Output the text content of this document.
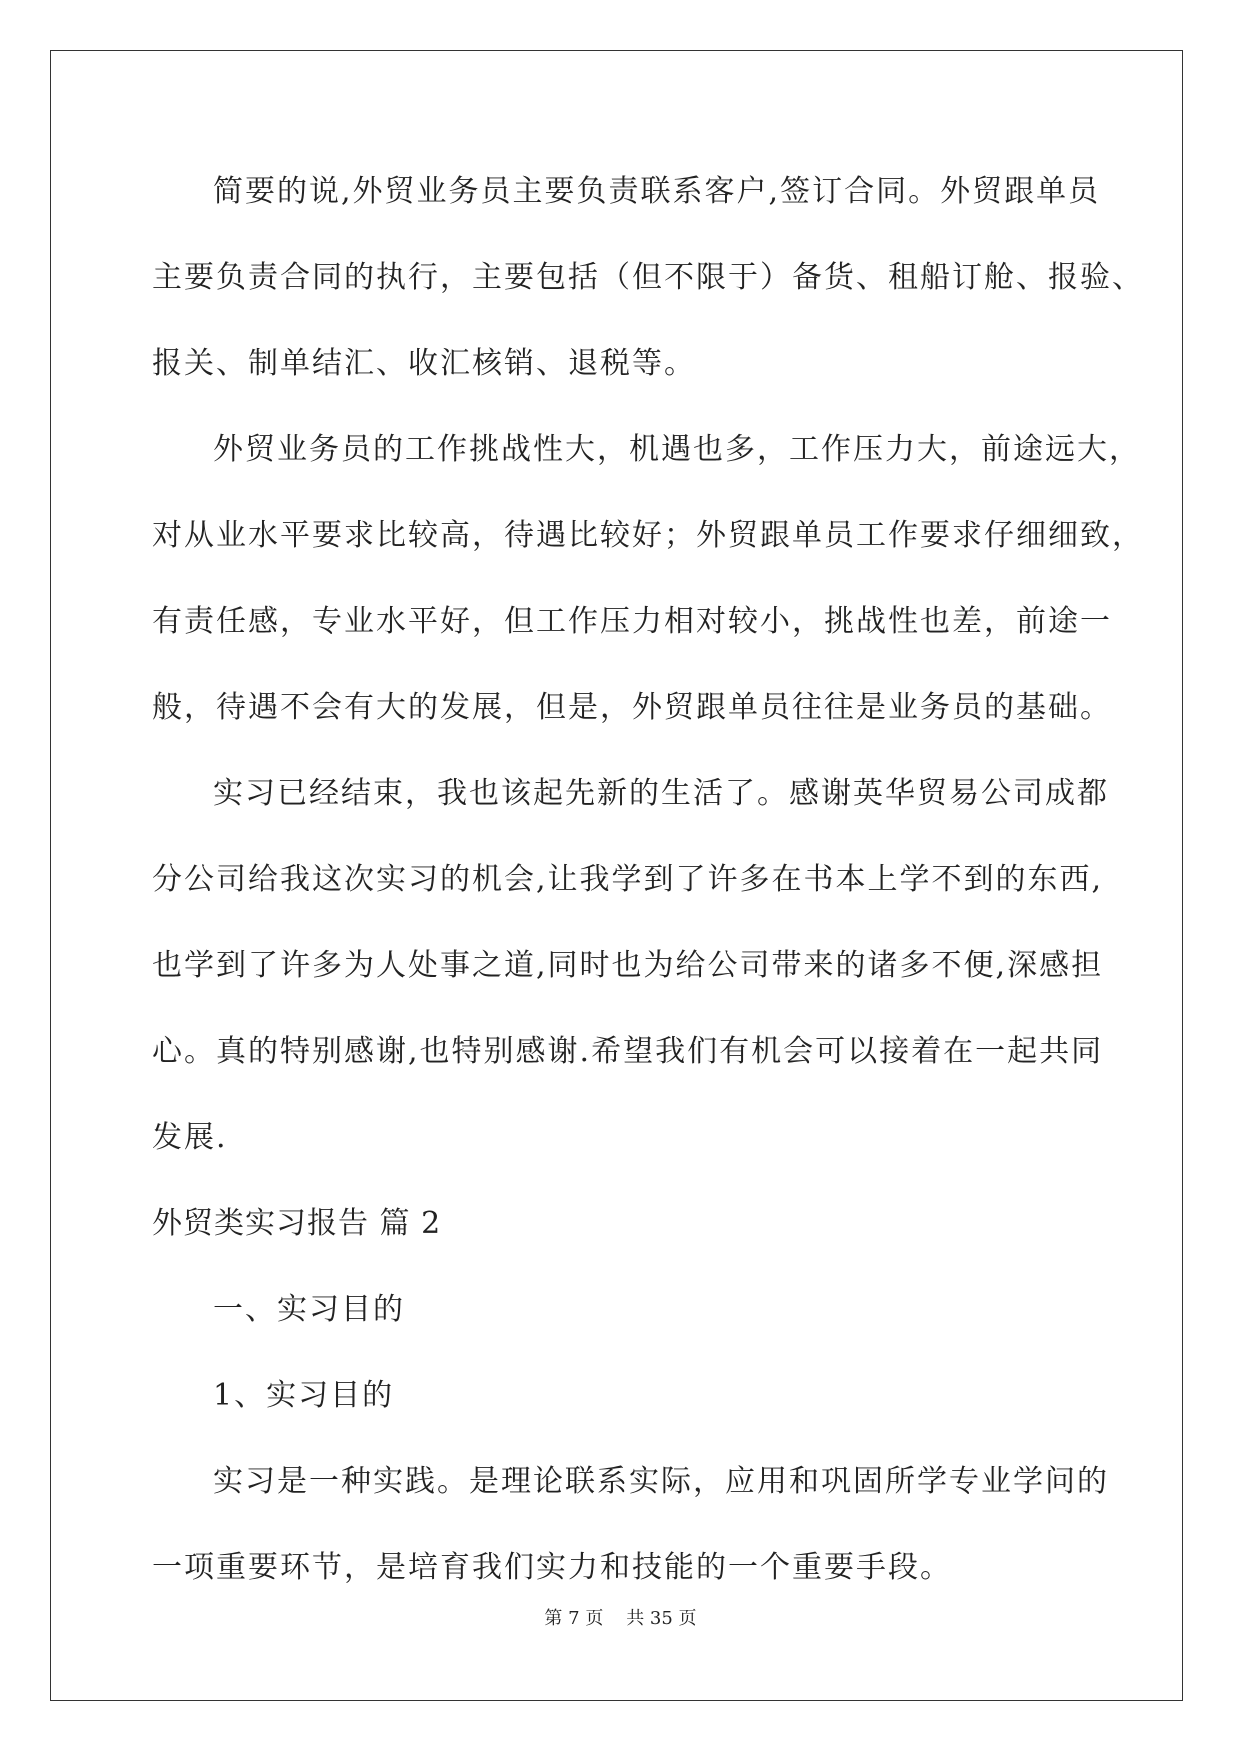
简要的说,外贸业务员主要负责联系客户,签订合同。外贸跟单员
主要负责合同的执行，主要包括（但不限于）备货、租船订舱、报验、
报关、制单结汇、收汇核销、退税等。
外贸业务员的工作挑战性大，机遇也多，工作压力大，前途远大，
对从业水平要求比较高，待遇比较好；外贸跟单员工作要求仔细细致，
有责任感，专业水平好，但工作压力相对较小，挑战性也差，前途一
般，待遇不会有大的发展，但是，外贸跟单员往往是业务员的基础。
实习已经结束，我也该起先新的生活了。感谢英华贸易公司成都
分公司给我这次实习的机会,让我学到了许多在书本上学不到的东西,
也学到了许多为人处事之道,同时也为给公司带来的诸多不便,深感担
心。真的特别感谢,也特别感谢.希望我们有机会可以接着在一起共同
发展.
外贸类实习报告 篇 2
一、实习目的
1、实习目的
实习是一种实践。是理论联系实际，应用和巩固所学专业学问的
一项重要环节，是培育我们实力和技能的一个重要手段。
第 7 页    共 35 页
